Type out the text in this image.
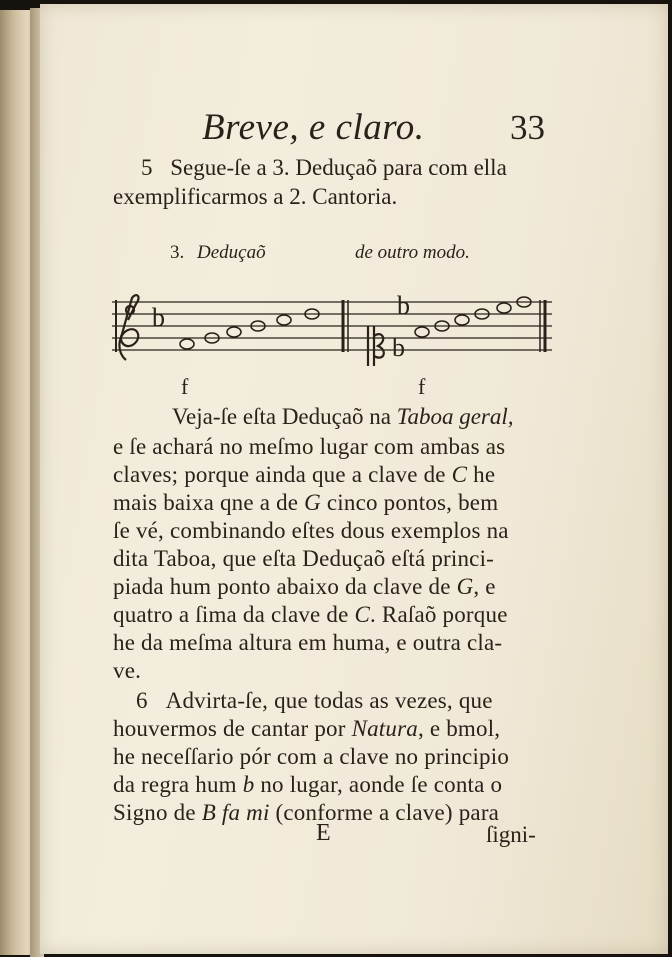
Breve, e claro. 33
5 Segue-ſe a 3. Deduçaõ para com ella
exemplificarmos a 2. Cantoria.
3. Deduçaõ	de outro modo.
b	b
b
f	f
Veja-ſe eſta Deduçaõ na Taboa geral,
e ſe achará no meſmo lugar com ambas as
claves; porque ainda que a clave de C he
mais baixa qne a de G cinco pontos, bem
ſe vé, combinando eſtes dous exemplos na
dita Taboa, que eſta Deduçaõ eſtá princi-
piada hum ponto abaixo da clave de G, e
quatro a ſima da clave de C. Raſaõ porque
he da meſma altura em huma, e outra cla-
ve.
6 Advirta-ſe, que todas as vezes, que
houvermos de cantar por Natura, e bmol,
he neceſſario pór com a clave no principio
da regra hum b no lugar, aonde ſe conta o
Signo de B fa mi (conforme a clave) para
E	ſigni-
